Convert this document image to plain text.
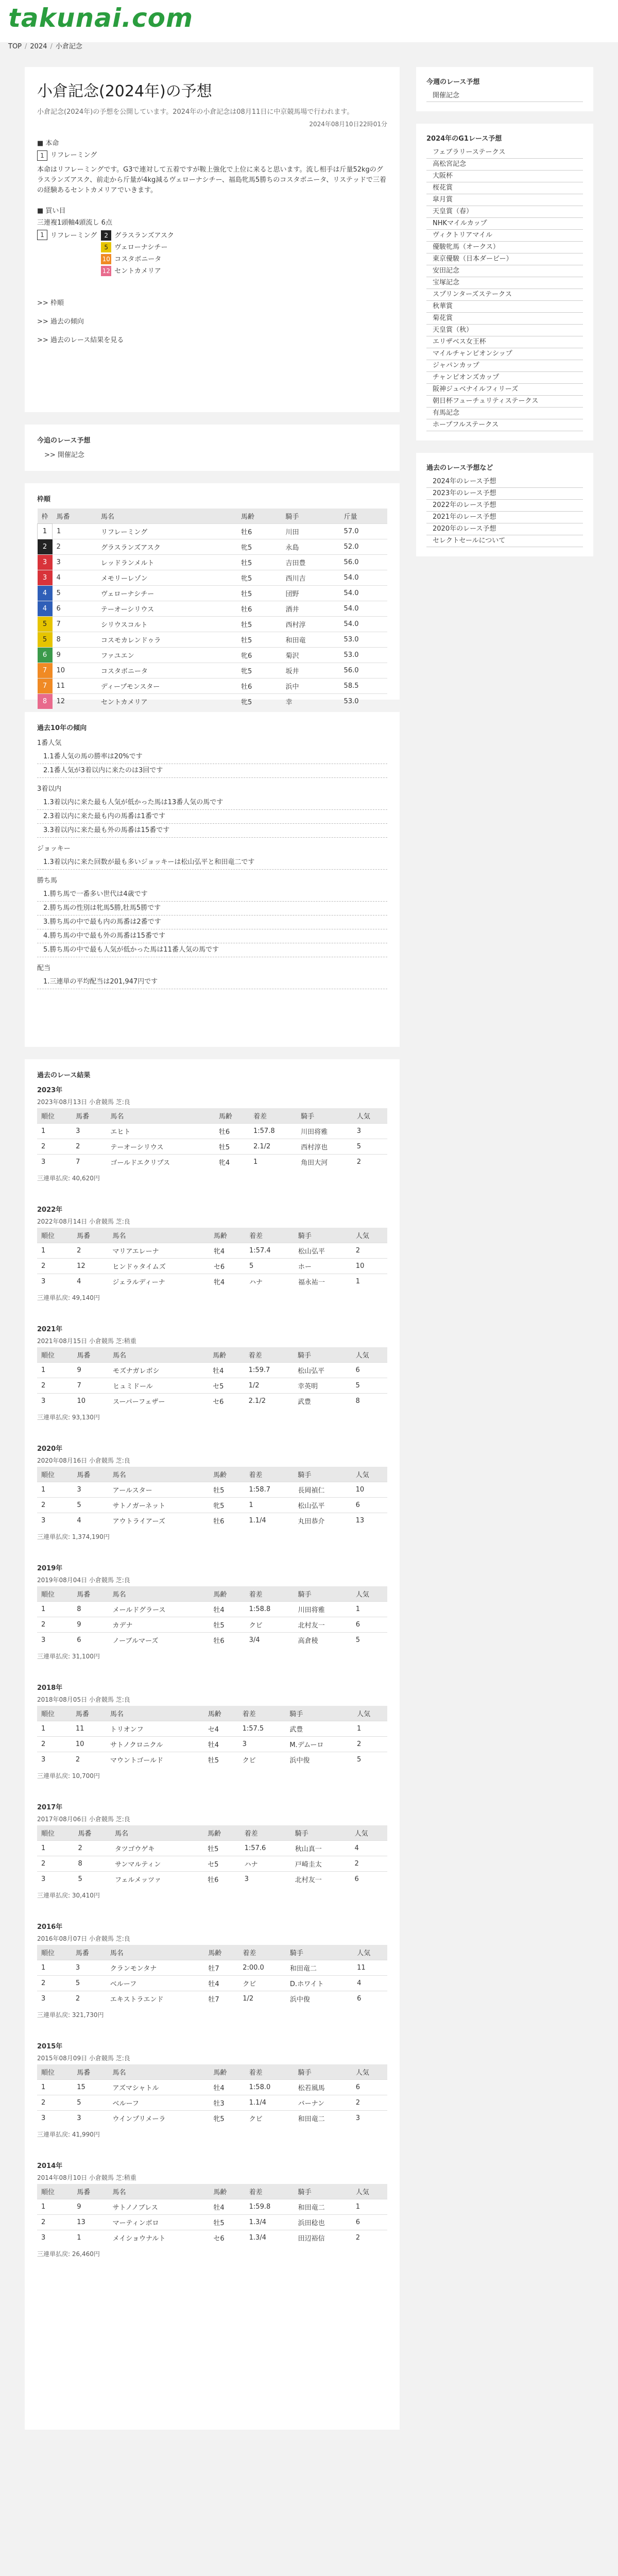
takunai.com
TOP / 2024 / 小倉記念
小倉記念(2024年)の予想
小倉記念(2024年)の予想を公開しています。2024年の小倉記念は08月11日に中京競馬場で行われます。
2024年08月10日22時01分
■ 本命
1 リフレーミング
本命はリフレーミングです。G3で連対して五着ですが鞍上強化で上位に来ると思います。流し相手は斤量52kgのグラスランズアスク、前走から斤量が4kg減るヴェローナシチー、福島牝馬5勝ちのコスタボニータ、リステッドで三着の経験あるセントカメリアでいきます。
■ 買い目
三連複1頭軸4頭流し 6点
1 リフレーミング	2 グラスランズアスク
5 ヴェローナシチー
10 コスタボニータ
12 セントカメリア
>> 枠順
>> 過去の傾向
>> 過去のレース結果を見る
今追のレース予想
>> 開催記念
枠順
枠	馬番	馬名	馬齢	騎手	斤量
1	1	リフレーミング	牡6	川田	57.0
2	2	グラスランズアスク	牝5	永島	52.0
3	3	レッドランメルト	牡5	吉田豊	56.0
3	4	メモリーレゾン	牝5	西川吉	54.0
4	5	ヴェローナシチー	牡5	団野	54.0
4	6	テーオーシリウス	牡6	酒井	54.0
5	7	シリウスコルト	牡5	西村淳	54.0
5	8	コスモカレンドゥラ	牡5	和田竜	53.0
6	9	ファユエン	牝6	菊沢	53.0
7	10	コスタボニータ	牝5	坂井	56.0
7	11	ディープモンスター	牡6	浜中	58.5
8	12	セントカメリア	牝5	幸	53.0
過去10年の傾向
1番人気
1.1番人気の馬の勝率は20%です
2.1番人気が3着以内に来たのは3回です
3着以内
1.3着以内に来た最も人気が低かった馬は13番人気の馬です
2.3着以内に来た最も内の馬番は1番です
3.3着以内に来た最も外の馬番は15番です
ジョッキー
1.3着以内に来た回数が最も多いジョッキーは松山弘平と和田竜二です
勝ち馬
1.勝ち馬で一番多い世代は4歳です
2.勝ち馬の性別は牝馬5勝,牡馬5勝です
3.勝ち馬の中で最も内の馬番は2番です
4.勝ち馬の中で最も外の馬番は15番です
5.勝ち馬の中で最も人気が低かった馬は11番人気の馬です
配当
1.三連単の平均配当は201,947円です
過去のレース結果
2023年
2023年08月13日 小倉競馬 芝:良
順位	馬番	馬名	馬齢	着差	騎手	人気
1	3	エヒト	牡6	1:57.8	川田将雅	3
2	2	テーオーシリウス	牡5	2.1/2	西村淳也	5
3	7	ゴールドエクリプス	牝4	1	角田大河	2
三連単払戻: 40,620円
2022年
2022年08月14日 小倉競馬 芝:良
順位	馬番	馬名	馬齢	着差	騎手	人気
1	2	マリアエレーナ	牝4	1:57.4	松山弘平	2
2	12	ヒンドゥタイムズ	セ6	5	ホー	10
3	4	ジェラルディーナ	牝4	ハナ	福永祐一	1
三連単払戻: 49,140円
2021年
2021年08月15日 小倉競馬 芝:稍重
順位	馬番	馬名	馬齢	着差	騎手	人気
1	9	モズナガレボシ	牡4	1:59.7	松山弘平	6
2	7	ヒュミドール	セ5	1/2	幸英明	5
3	10	スーパーフェザー	セ6	2.1/2	武豊	8
三連単払戻: 93,130円
2020年
2020年08月16日 小倉競馬 芝:良
順位	馬番	馬名	馬齢	着差	騎手	人気
1	3	アールスター	牡5	1:58.7	長岡禎仁	10
2	5	サトノガーネット	牝5	1	松山弘平	6
3	4	アウトライアーズ	牡6	1.1/4	丸田恭介	13
三連単払戻: 1,374,190円
2019年
2019年08月04日 小倉競馬 芝:良
順位	馬番	馬名	馬齢	着差	騎手	人気
1	8	メールドグラース	牡4	1:58.8	川田将雅	1
2	9	カデナ	牡5	クビ	北村友一	6
3	6	ノーブルマーズ	牡6	3/4	高倉稜	5
三連単払戻: 31,100円
2018年
2018年08月05日 小倉競馬 芝:良
順位	馬番	馬名	馬齢	着差	騎手	人気
1	11	トリオンフ	セ4	1:57.5	武豊	1
2	10	サトノクロニクル	牡4	3	M.デムーロ	2
3	2	マウントゴールド	牡5	クビ	浜中俊	5
三連単払戻: 10,700円
2017年
2017年08月06日 小倉競馬 芝:良
順位	馬番	馬名	馬齢	着差	騎手	人気
1	2	タツゴウゲキ	牡5	1:57.6	秋山真一	4
2	8	サンマルティン	セ5	ハナ	戸崎圭太	2
3	5	フェルメッツァ	牡6	3	北村友一	6
三連単払戻: 30,410円
2016年
2016年08月07日 小倉競馬 芝:良
順位	馬番	馬名	馬齢	着差	騎手	人気
1	3	クランモンタナ	牡7	2:00.0	和田竜二	11
2	5	ベルーフ	牡4	クビ	D.ホワイト	4
3	2	エキストラエンド	牡7	1/2	浜中俊	6
三連単払戻: 321,730円
2015年
2015年08月09日 小倉競馬 芝:良
順位	馬番	馬名	馬齢	着差	騎手	人気
1	15	アズマシャトル	牡4	1:58.0	松若風馬	6
2	5	ベルーフ	牡3	1.1/4	バーナン	2
3	3	ウインプリメーラ	牝5	クビ	和田竜二	3
三連単払戻: 41,990円
2014年
2014年08月10日 小倉競馬 芝:稍重
順位	馬番	馬名	馬齢	着差	騎手	人気
1	9	サトノノブレス	牡4	1:59.8	和田竜二	1
2	13	マーティンボロ	牡5	1.3/4	浜田稔也	6
3	1	メイショウナルト	セ6	1.3/4	田辺裕信	2
三連単払戻: 26,460円
今週のレース予想
開催記念
2024年のG1レース予想
フェブラリーステークス
高松宮記念
大阪杯
桜花賞
皐月賞
天皇賞（春）
NHKマイルカップ
ヴィクトリアマイル
優駿牝馬（オークス）
東京優駿（日本ダービー）
安田記念
宝塚記念
スプリンターズステークス
秋華賞
菊花賞
天皇賞（秋）
エリザベス女王杯
マイルチャンピオンシップ
ジャパンカップ
チャンピオンズカップ
阪神ジュベナイルフィリーズ
朝日杯フューチュリティステークス
有馬記念
ホープフルステークス
過去のレース予想など
2024年のレース予想
2023年のレース予想
2022年のレース予想
2021年のレース予想
2020年のレース予想
セレクトセールについて
